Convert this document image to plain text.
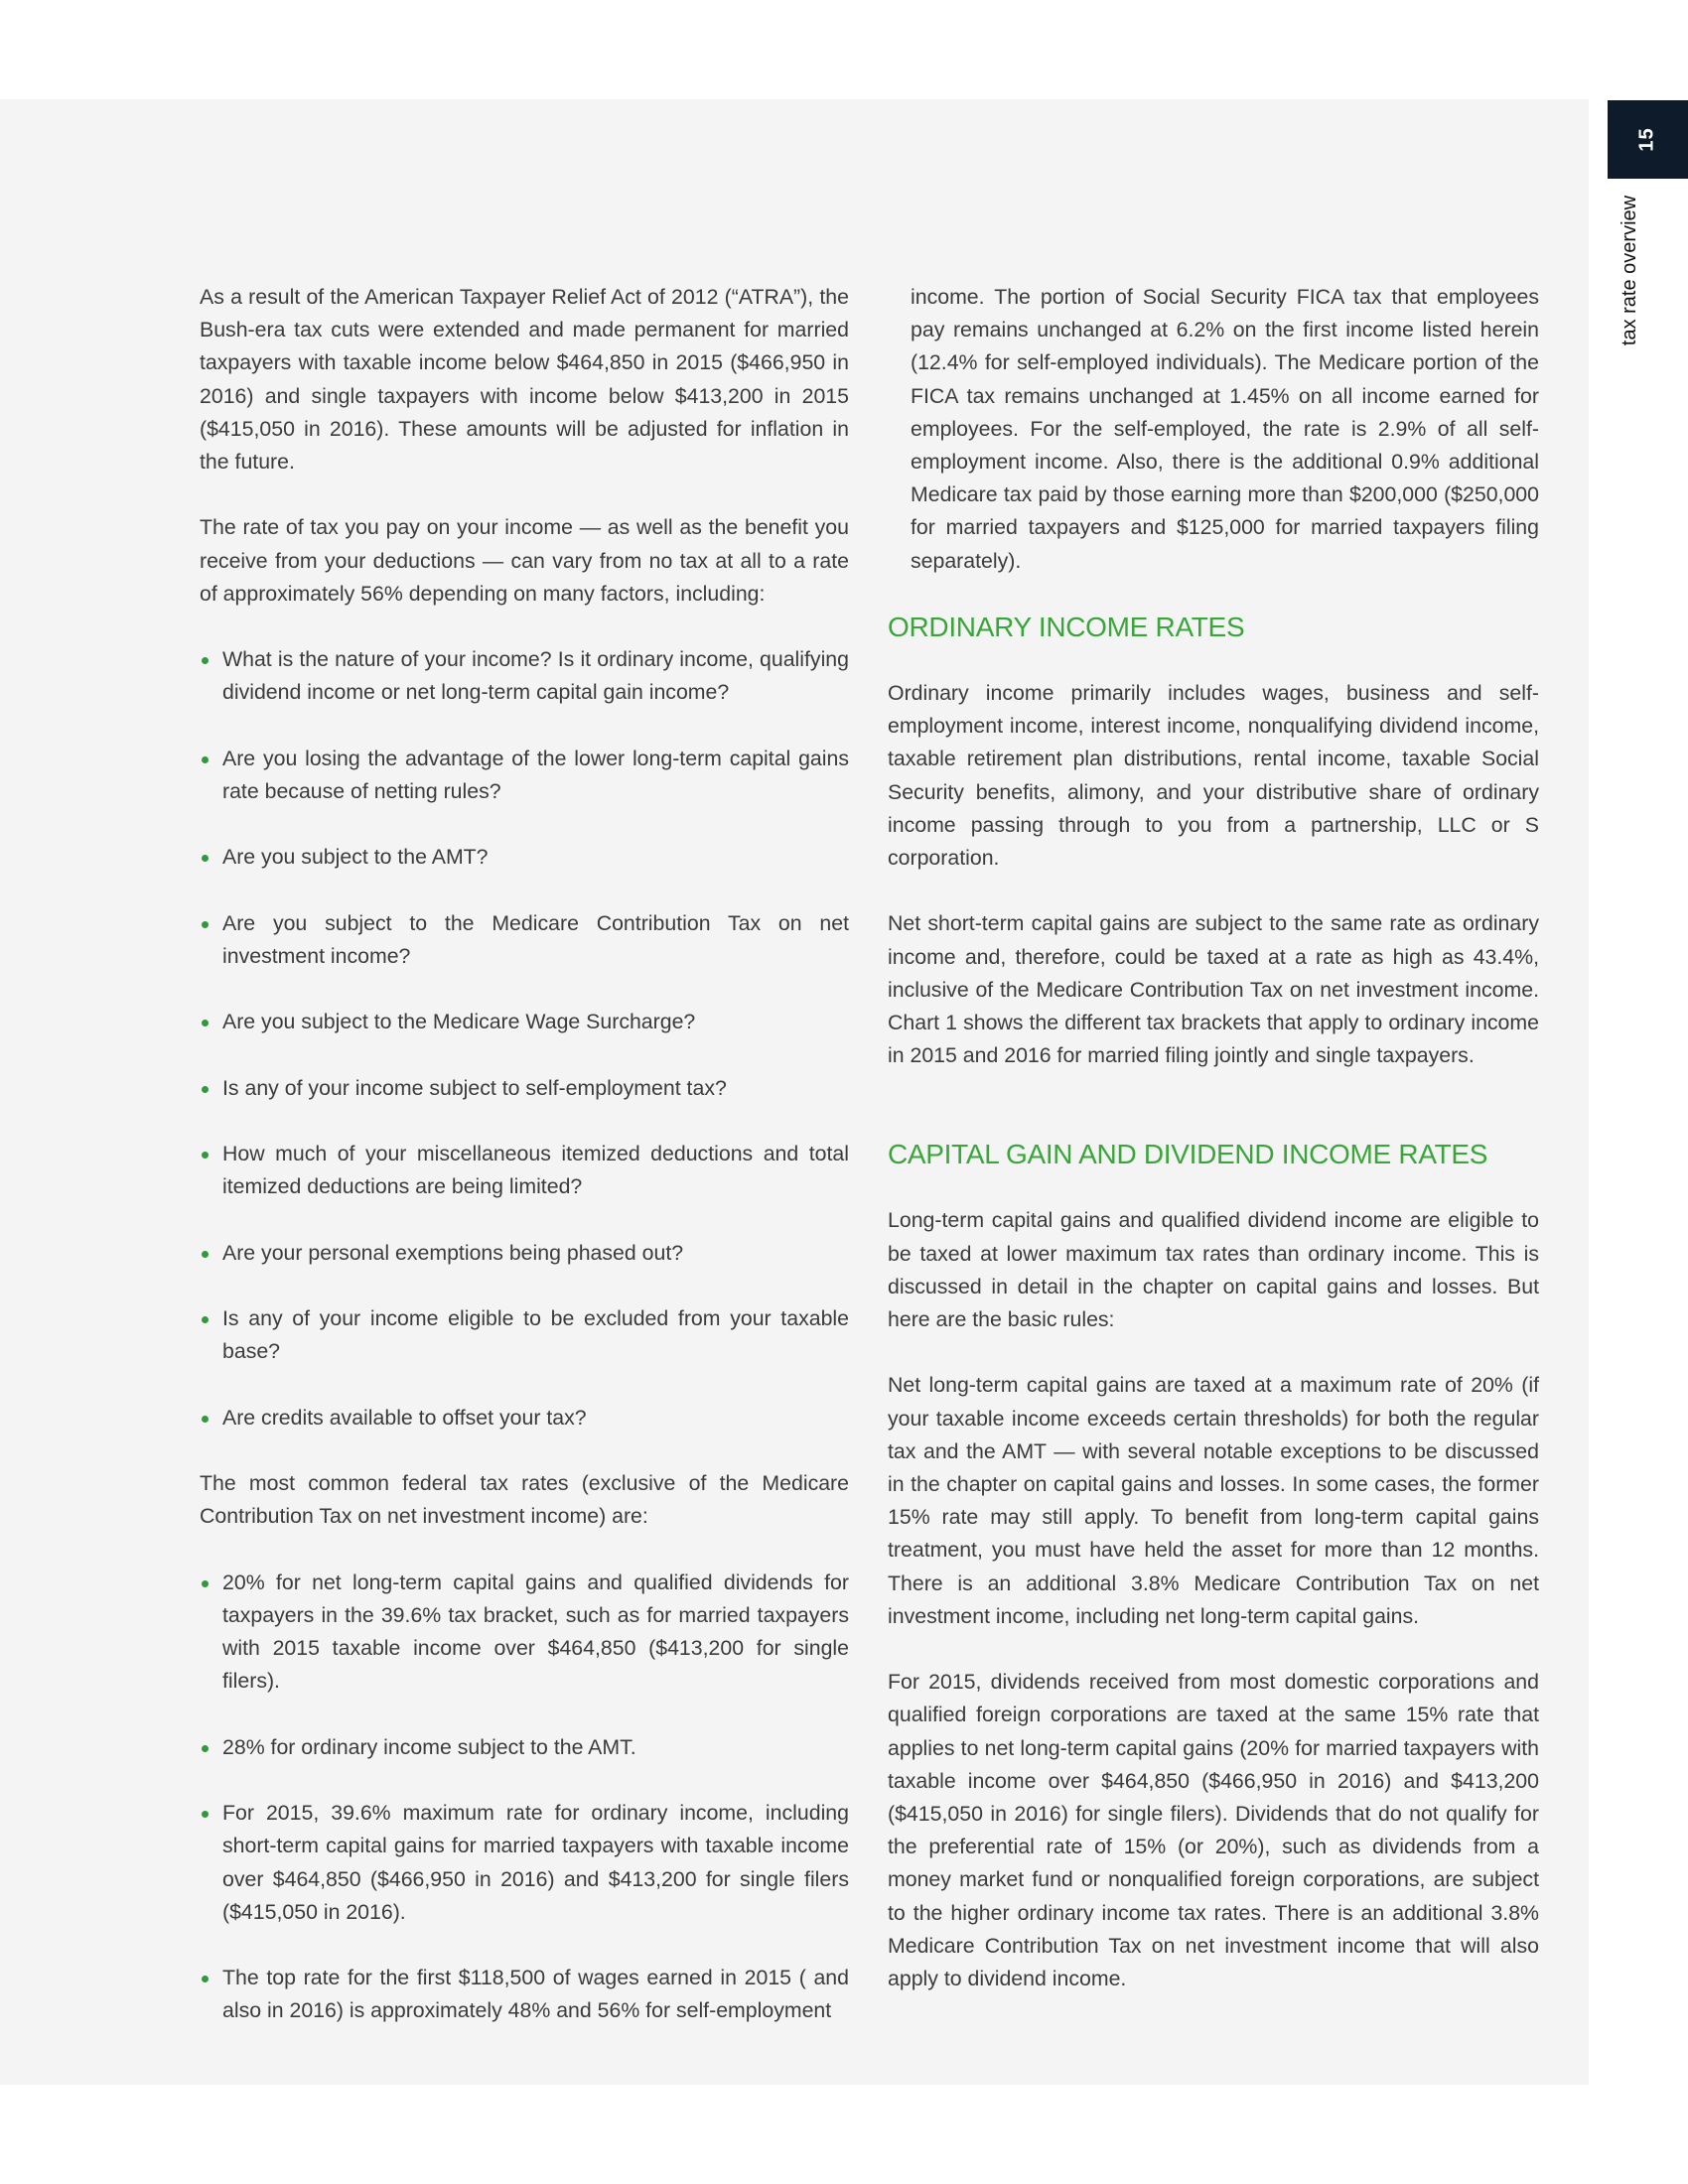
15
tax rate overview

As a result of the American Taxpayer Relief Act of 2012 (“ATRA”), the Bush-era tax cuts were extended and made permanent for married taxpayers with taxable income below $464,850 in 2015 ($466,950 in 2016) and single taxpayers with income below $413,200 in 2015 ($415,050 in 2016). These amounts will be adjusted for inflation in the future.

The rate of tax you pay on your income — as well as the benefit you receive from your deductions — can vary from no tax at all to a rate of approximately 56% depending on many factors, including:

What is the nature of your income? Is it ordinary income, qualifying dividend income or net long-term capital gain income?
Are you losing the advantage of the lower long-term capital gains rate because of netting rules?
Are you subject to the AMT?
Are you subject to the Medicare Contribution Tax on net investment income?
Are you subject to the Medicare Wage Surcharge?
Is any of your income subject to self-employment tax?
How much of your miscellaneous itemized deductions and total itemized deductions are being limited?
Are your personal exemptions being phased out?
Is any of your income eligible to be excluded from your taxable base?
Are credits available to offset your tax?

The most common federal tax rates (exclusive of the Medicare Contribution Tax on net investment income) are:

20% for net long-term capital gains and qualified dividends for taxpayers in the 39.6% tax bracket, such as for married taxpayers with 2015 taxable income over $464,850 ($413,200 for single filers).
28% for ordinary income subject to the AMT.
For 2015, 39.6% maximum rate for ordinary income, including short-term capital gains for married taxpayers with taxable income over $464,850 ($466,950 in 2016) and $413,200 for single filers ($415,050 in 2016).
The top rate for the first $118,500 of wages earned in 2015 ( and also in 2016) is approximately 48% and 56% for self-employment

income. The portion of Social Security FICA tax that employees pay remains unchanged at 6.2% on the first income listed herein (12.4% for self-employed individuals). The Medicare portion of the FICA tax remains unchanged at 1.45% on all income earned for employees. For the self-employed, the rate is 2.9% of all self-employment income. Also, there is the additional 0.9% additional Medicare tax paid by those earning more than $200,000 ($250,000 for married taxpayers and $125,000 for married taxpayers filing separately).

ORDINARY INCOME RATES

Ordinary income primarily includes wages, business and self- employment income, interest income, nonqualifying dividend income, taxable retirement plan distributions, rental income, taxable Social Security benefits, alimony, and your distributive share of ordinary income passing through to you from a partnership, LLC or S corporation.

Net short-term capital gains are subject to the same rate as ordinary income and, therefore, could be taxed at a rate as high as 43.4%, inclusive of the Medicare Contribution Tax on net investment income. Chart 1 shows the different tax brackets that apply to ordinary income in 2015 and 2016 for married filing jointly and single taxpayers.

CAPITAL GAIN AND DIVIDEND INCOME RATES

Long-term capital gains and qualified dividend income are eligible to be taxed at lower maximum tax rates than ordinary income. This is discussed in detail in the chapter on capital gains and losses. But here are the basic rules:

Net long-term capital gains are taxed at a maximum rate of 20% (if your taxable income exceeds certain thresholds) for both the regular tax and the AMT — with several notable exceptions to be discussed in the chapter on capital gains and losses. In some cases, the former 15% rate may still apply. To benefit from long-term capital gains treatment, you must have held the asset for more than 12 months. There is an additional 3.8% Medicare Contribution Tax on net investment income, including net long-term capital gains.

For 2015, dividends received from most domestic corporations and qualified foreign corporations are taxed at the same 15% rate that applies to net long-term capital gains (20% for married taxpayers with taxable income over $464,850 ($466,950 in 2016) and $413,200 ($415,050 in 2016) for single filers). Dividends that do not qualify for the preferential rate of 15% (or 20%), such as dividends from a money market fund or nonqualified foreign corporations, are subject to the higher ordinary income tax rates. There is an additional 3.8% Medicare Contribution Tax on net investment income that will also apply to dividend income.
